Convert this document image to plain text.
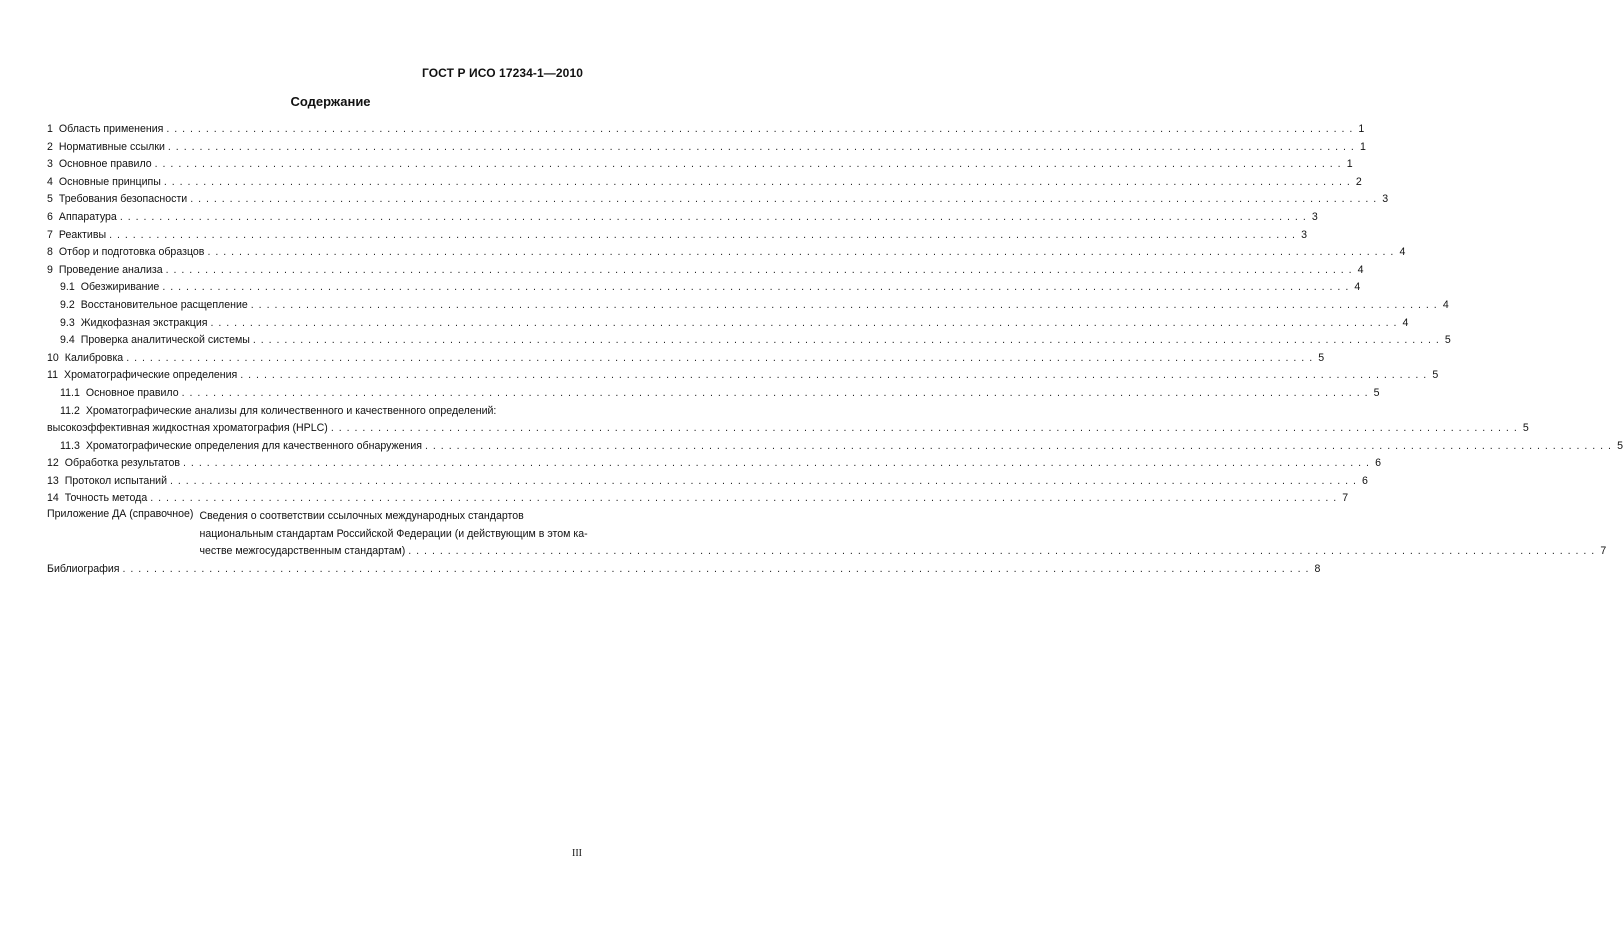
ГОСТ Р ИСО 17234-1—2010
Содержание
1 Область применения . . .	1
2 Нормативные ссылки . . .	1
3 Основное правило . . .	1
4 Основные принципы . . .	2
5 Требования безопасности . . .	3
6 Аппаратура . . .	3
7 Реактивы . . .	3
8 Отбор и подготовка образцов . . .	4
9 Проведение анализа . . .	4
9.1 Обезжиривание . . .	4
9.2 Восстановительное расщепление . . .	4
9.3 Жидкофазная экстракция . . .	4
9.4 Проверка аналитической системы . . .	5
10 Калибровка . . .	5
11 Хроматографические определения . . .	5
11.1 Основное правило . . .	5
11.2 Хроматографические анализы для количественного и качественного определений:
высокоэффективная жидкостная хроматография (HPLC) . . .	5
11.3 Хроматографические определения для качественного обнаружения . . .	5
12 Обработка результатов . . .	6
13 Протокол испытаний . . .	6
14 Точность метода . . .	7
Приложение ДА (справочное) Сведения о соответствии ссылочных международных стандартов
национальным стандартам Российской Федерации (и действующим в этом ка-
честве межгосударственным стандартам) . . .	7
Библиография . . .	8
III
